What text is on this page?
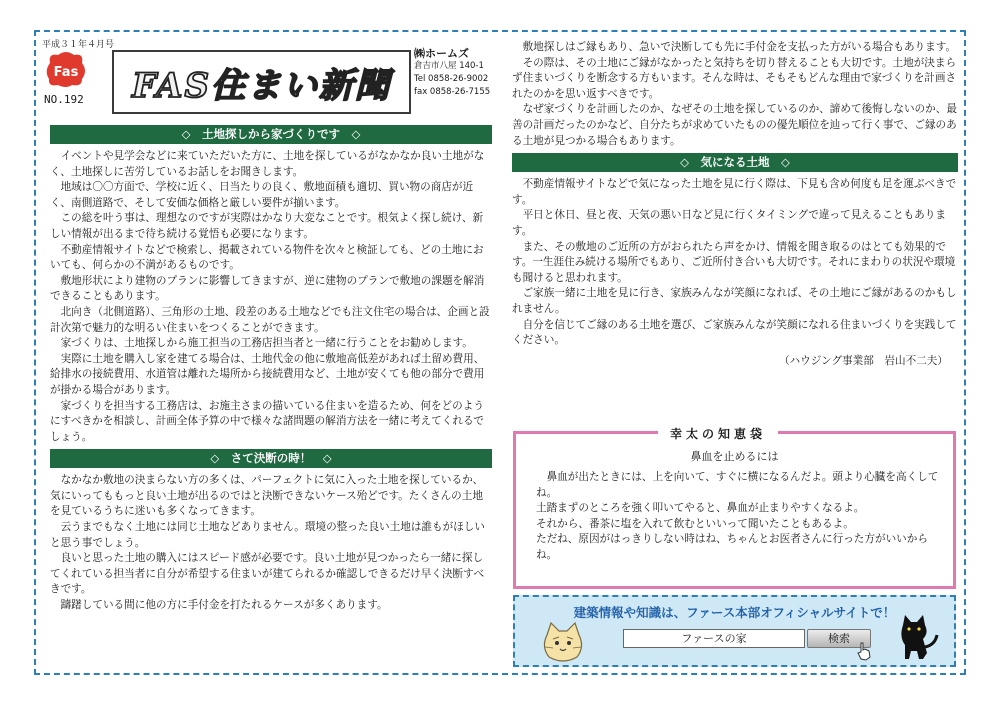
平成３１年４月号
Fas
NO.192 FAS住まい新聞
㈱ホームズ
倉吉市八屋 140-1
Tel 0858-26-9002
fax 0858-26-7155
◇　土地探しから家づくりです　◇

イベントや見学会などに来ていただいた方に、土地を探しているがなかなか良い土地がなく、土地探しに苦労しているお話しをお聞きします。

地域は〇〇方面で、学校に近く、日当たりの良く、敷地面積も適切、買い物の商店が近く、南側道路で、そして安価な価格と厳しい要件が揃います。

この総を叶う事は、理想なのですが実際はかなり大変なことです。根気よく探し続け、新しい情報が出るまで待ち続ける覚悟も必要になります。

不動産情報サイトなどで検索し、掲載されている物件を次々と検証しても、どの土地においても、何らかの不満があるものです。

敷地形状により建物のプランに影響してきますが、逆に建物のプランで敷地の課題を解消できることもあります。

北向き（北側道路）、三角形の土地、段差のある土地などでも注文住宅の場合は、企画と設計次第で魅力的な明るい住まいをつくることができます。

家づくりは、土地探しから施工担当の工務店担当者と一緒に行うことをお勧めします。

実際に土地を購入し家を建てる場合は、土地代金の他に敷地高低差があれば土留め費用、給排水の接続費用、水道管は離れた場所から接続費用など、土地が安くても他の部分で費用が掛かる場合があります。

家づくりを担当する工務店は、お施主さまの描いている住まいを造るため、何をどのようにすべきかを相談し、計画全体予算の中で様々な諸問題の解消方法を一緒に考えてくれるでしょう。

◇　さて決断の時！　◇

なかなか敷地の決まらない方の多くは、パーフェクトに気に入った土地を探しているか、気にいってももっと良い土地が出るのではと決断できないケース殆どです。たくさんの土地を見ているうちに迷いも多くなってきます。

云うまでもなく土地には同じ土地などありません。環境の整った良い土地は誰もがほしいと思う事でしょう。

良いと思った土地の購入にはスピード感が必要です。良い土地が見つかったら一緒に探してくれている担当者に自分が希望する住まいが建てられるか確認しできるだけ早く決断すべきです。

躊躇している間に他の方に手付金を打たれるケースが多くあります。

敷地探しはご縁もあり、急いで決断しても先に手付金を支払った方がいる場合もあります。

その際は、その土地にご縁がなかったと気持ちを切り替えることも大切です。土地が決まらず住まいづくりを断念する方もいます。そんな時は、そもそもどんな理由で家づくりを計画されたのかを思い返すべきです。

なぜ家づくりを計画したのか、なぜその土地を探しているのか、諦めて後悔しないのか、最善の計画だったのかなど、自分たちが求めていたものの優先順位を辿って行く事で、ご縁のある土地が見つかる場合もあります。

◇　気になる土地　◇

不動産情報サイトなどで気になった土地を見に行く際は、下見も含め何度も足を運ぶべきです。

平日と休日、昼と夜、天気の悪い日など見に行くタイミングで違って見えることもあります。

また、その敷地のご近所の方がおられたら声をかけ、情報を聞き取るのはとても効果的です。一生涯住み続ける場所でもあり、ご近所付き合いも大切です。それにまわりの状況や環境も聞けると思われます。

ご家族一緒に土地を見に行き、家族みんなが笑顔になれば、その土地にご縁があるのかもしれません。

自分を信じてご縁のある土地を選び、ご家族みんなが笑顔になれる住まいづくりを実践してください。

（ハウジング事業部　岩山不二夫）
幸太の知恵袋
鼻血を止めるには
鼻血が出たときには、上を向いて、すぐに横になるんだよ。頭より心臓を高くしてね。
土踏まずのところを強く叩いてやると、鼻血が止まりやすくなるよ。
それから、番茶に塩を入れて飲むといいって聞いたこともあるよ。
ただね、原因がはっきりしない時はね、ちゃんとお医者さんに行った方がいいからね。
建築情報や知識は、ファース本部オフィシャルサイトで！
ファースの家	検索
